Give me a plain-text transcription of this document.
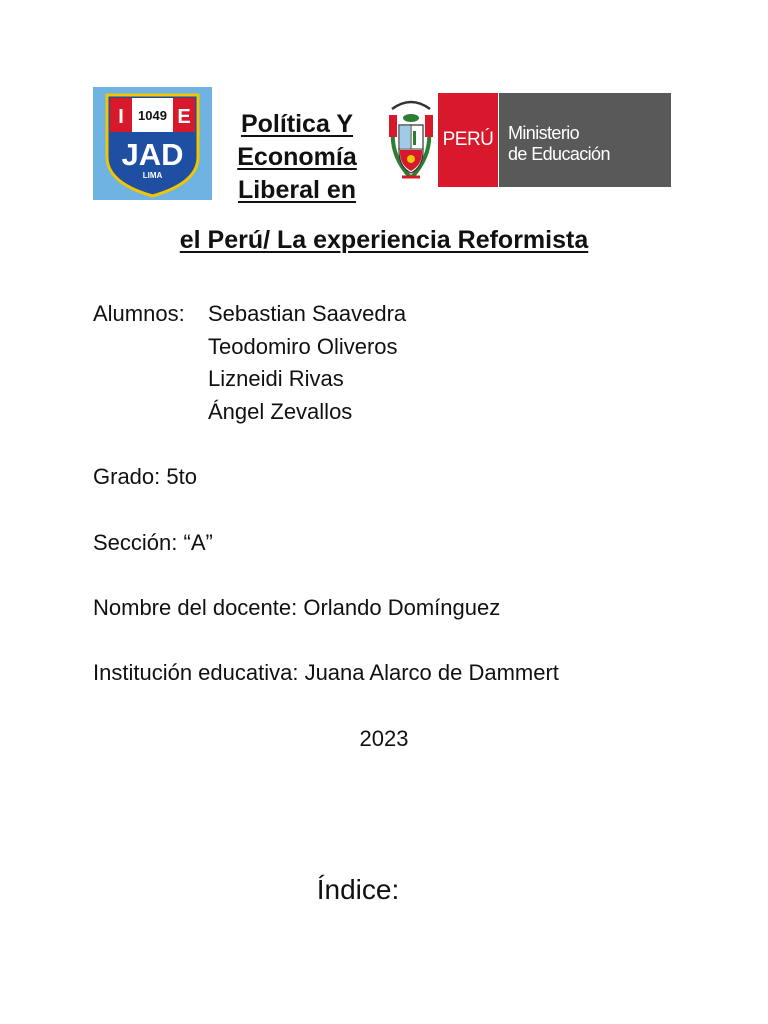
I 1049 E
JAD
LIMA
Política Y
Economía
Liberal en
el Perú/ La experiencia Reformista
PERÚ Ministerio
de Educación
Alumnos: Sebastian Saavedra
Teodomiro Oliveros
Lizneidi Rivas
Ángel Zevallos
Grado: 5to
Sección: “A”
Nombre del docente: Orlando Domínguez
Institución educativa: Juana Alarco de Dammert
2023
Índice:
